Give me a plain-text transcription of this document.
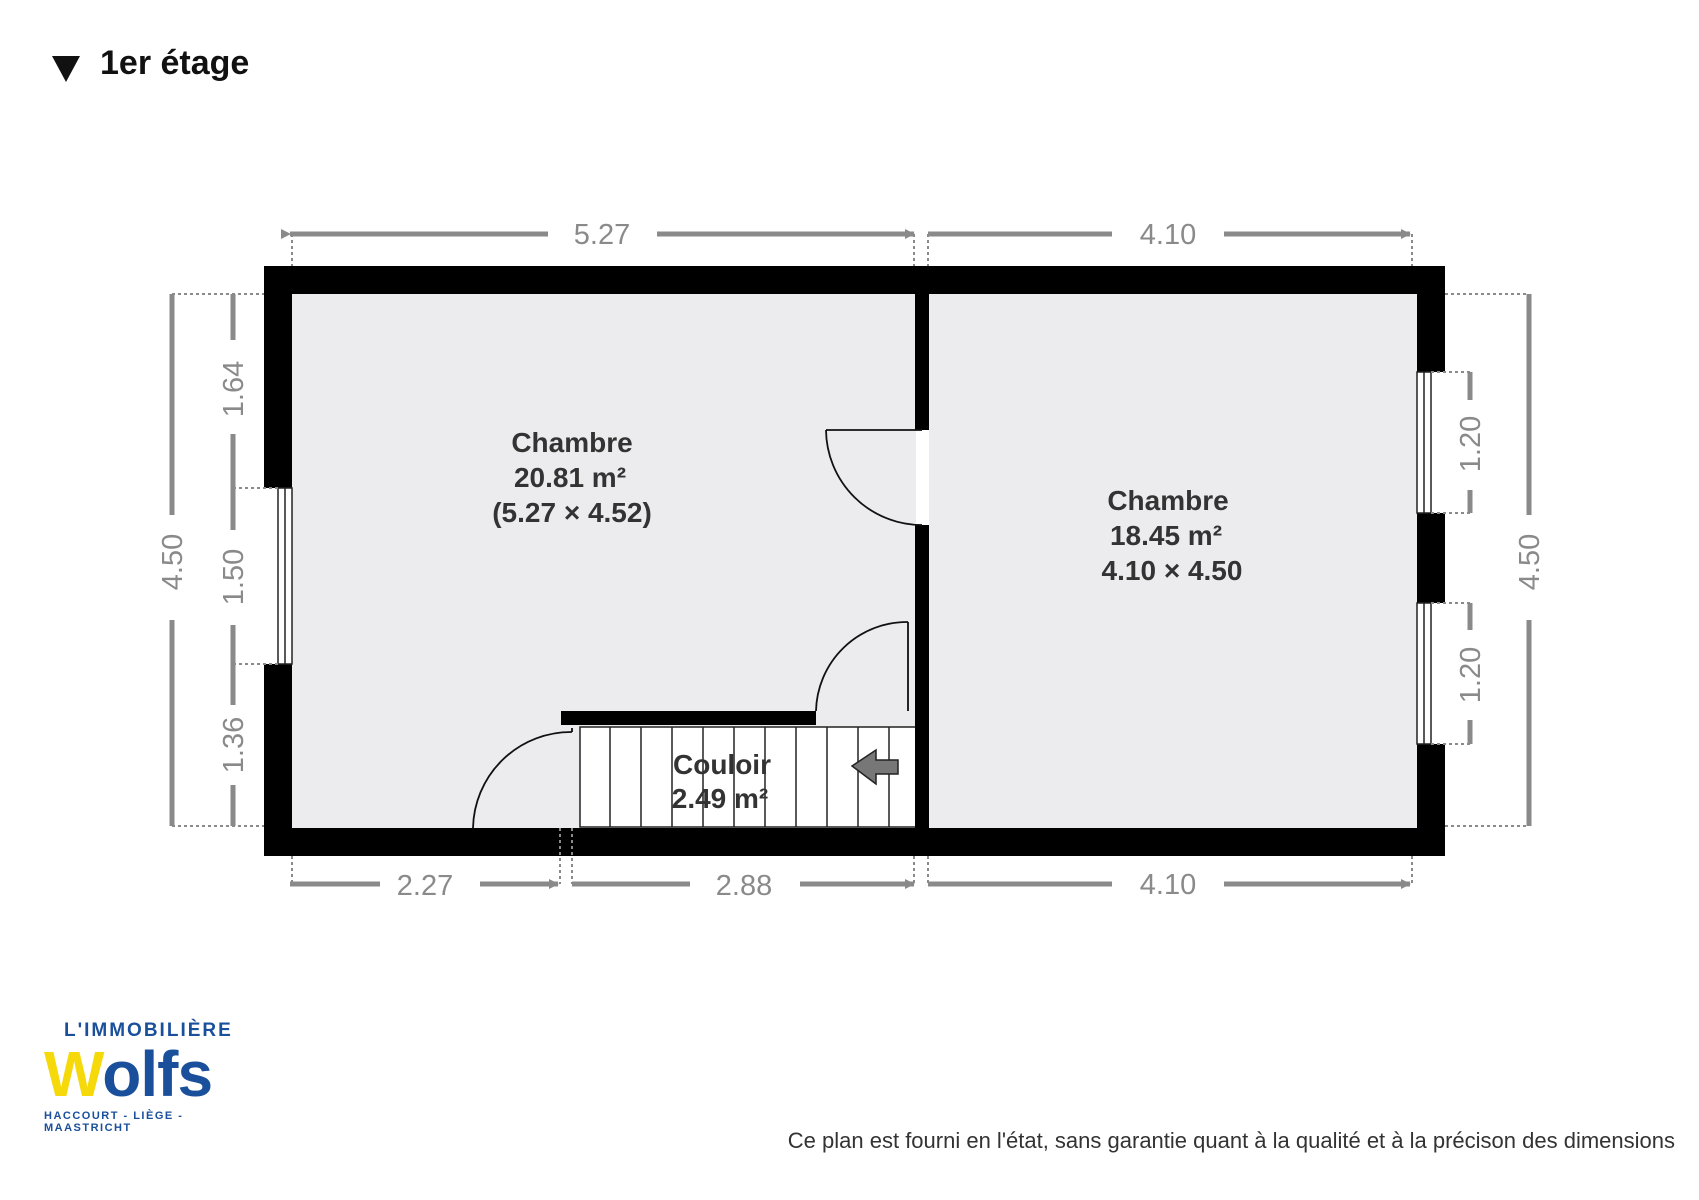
1er étage
Chambre
20.81 m²
(5.27 × 4.52)	Chambre
18.45 m²
4.10 × 4.50
Couloir
2.49 m²
5.27	4.10
2.27	2.88	4.10
4.50
1.64
1.50
1.36
4.50
1.20
1.20
L'IMMOBILIÈRE
Wolfs
HACCOURT - LIÈGE - MAASTRICHT	Ce plan est fourni en l'état, sans garantie quant à la qualité et à la précison des dimensions
